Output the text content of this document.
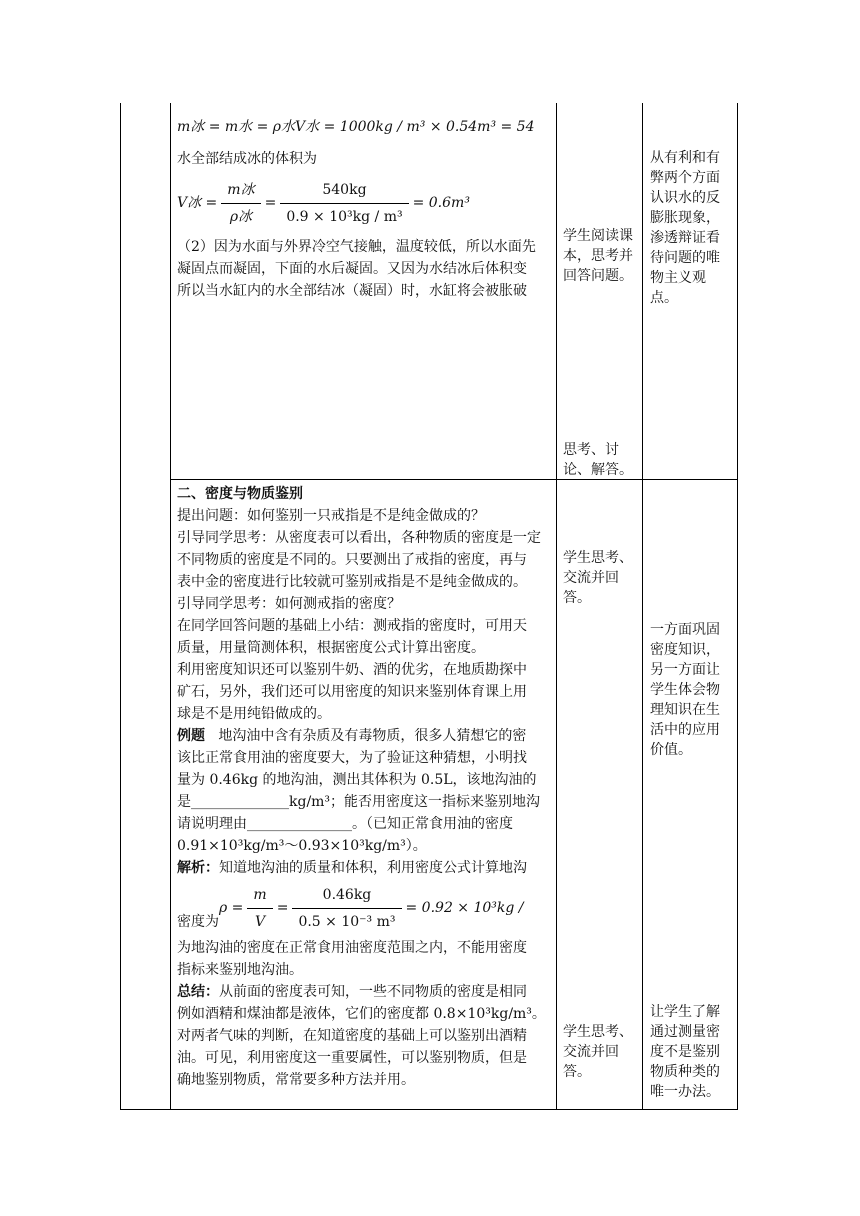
m冰 = m水 = ρ水V水 = 1000kg / m³ × 0.54m³ = 54

水全部结成冰的体积为

V冰 = $\frac{\text{m冰}}{\text{ρ冰}} = \frac{540kg}{\text{0.9 × 10³kg / m³}} = 0.6m^3$

（2）因为水面与外界冷空气接触，温度较低，所以水面先

凝固点而凝固，下面的水后凝固。又因为水结冰后体积变

所以当水缸内的水全部结冰（凝固）时，水缸将会被胀破

学生阅读课本，思考并回答问题。
思考、讨论、解答。
从有利和有弊两个方面认识水的反膨胀现象，渗透辩证看待问题的唯物主义观点。

二、密度与物质鉴别

提出问题：如何鉴别一只戒指是不是纯金做成的？

引导同学思考：从密度表可以看出，各种物质的密度是一定

不同物质的密度是不同的。只要测出了戒指的密度，再与

表中金的密度进行比较就可鉴别戒指是不是纯金做成的。

引导同学思考：如何测戒指的密度？

在同学回答问题的基础上小结：测戒指的密度时，可用天

质量，用量筒测体积，根据密度公式计算出密度。

利用密度知识还可以鉴别牛奶、酒的优劣，在地质勘探中

矿石，另外，我们还可以用密度的知识来鉴别体育课上用

球是不是用纯铅做成的。

例题 地沟油中含有杂质及有毒物质，很多人猜想它的密

该比正常食用油的密度要大，为了验证这种猜想，小明找

量为 0.46kg 的地沟油，测出其体积为 0.5L，该地沟油的

是______________kg/m³；能否用密度这一指标来鉴别地沟

请说明理由_______________。（已知正常食用油的密度

0.91×10³kg/m³～0.93×10³kg/m³）。

解析：知道地沟油的质量和体积，利用密度公式计算地沟

密度为
$\rho = \frac{m}{V} = \frac{0.46kg}{\text{0.5 × 10⁻³ m³}} = 0.92 \times 10^3kg$ /

为地沟油的密度在正常食用油密度范围之内，不能用密度

指标来鉴别地沟油。

总结：从前面的密度表可知，一些不同物质的密度是相同

例如酒精和煤油都是液体，它们的密度都 0.8×10³kg/m³。

对两者气味的判断，在知道密度的基础上可以鉴别出酒精

油。可见，利用密度这一重要属性，可以鉴别物质，但是

确地鉴别物质，常常要多种方法并用。

学生思考、交流并回答。
学生思考、交流并回答。
一方面巩固密度知识，另一方面让学生体会物理知识在生活中的应用价值。
让学生了解通过测量密度不是鉴别物质种类的唯一办法。
